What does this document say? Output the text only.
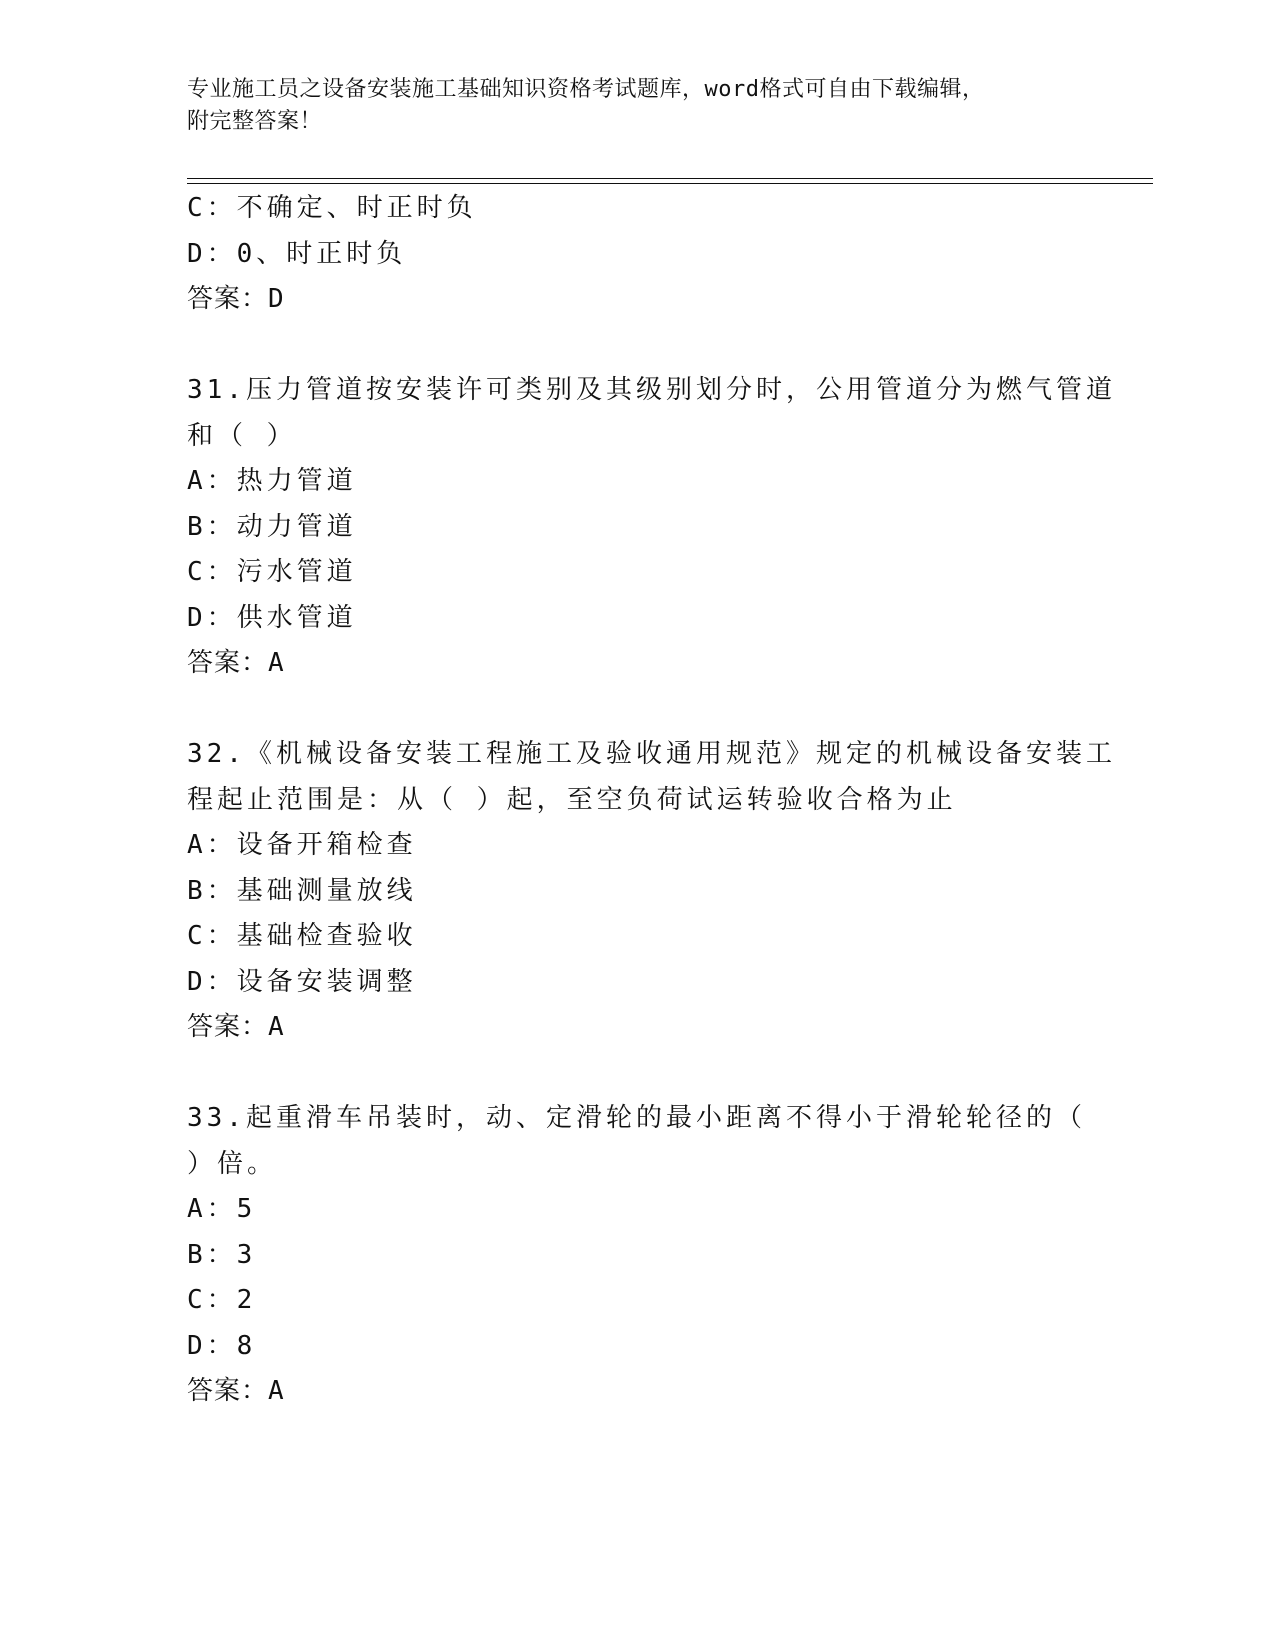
专业施工员之设备安装施工基础知识资格考试题库，word格式可自由下载编辑，
附完整答案！
C：不确定、时正时负
D：0、时正时负
答案：D
31.压力管道按安装许可类别及其级别划分时，公用管道分为燃气管道
和（ ）
A：热力管道
B：动力管道
C：污水管道
D：供水管道
答案：A
32.《机械设备安装工程施工及验收通用规范》规定的机械设备安装工
程起止范围是：从（ ）起，至空负荷试运转验收合格为止
A：设备开箱检查
B：基础测量放线
C：基础检查验收
D：设备安装调整
答案：A
33.起重滑车吊装时，动、定滑轮的最小距离不得小于滑轮轮径的（
）倍。
A：5
B：3
C：2
D：8
答案：A
